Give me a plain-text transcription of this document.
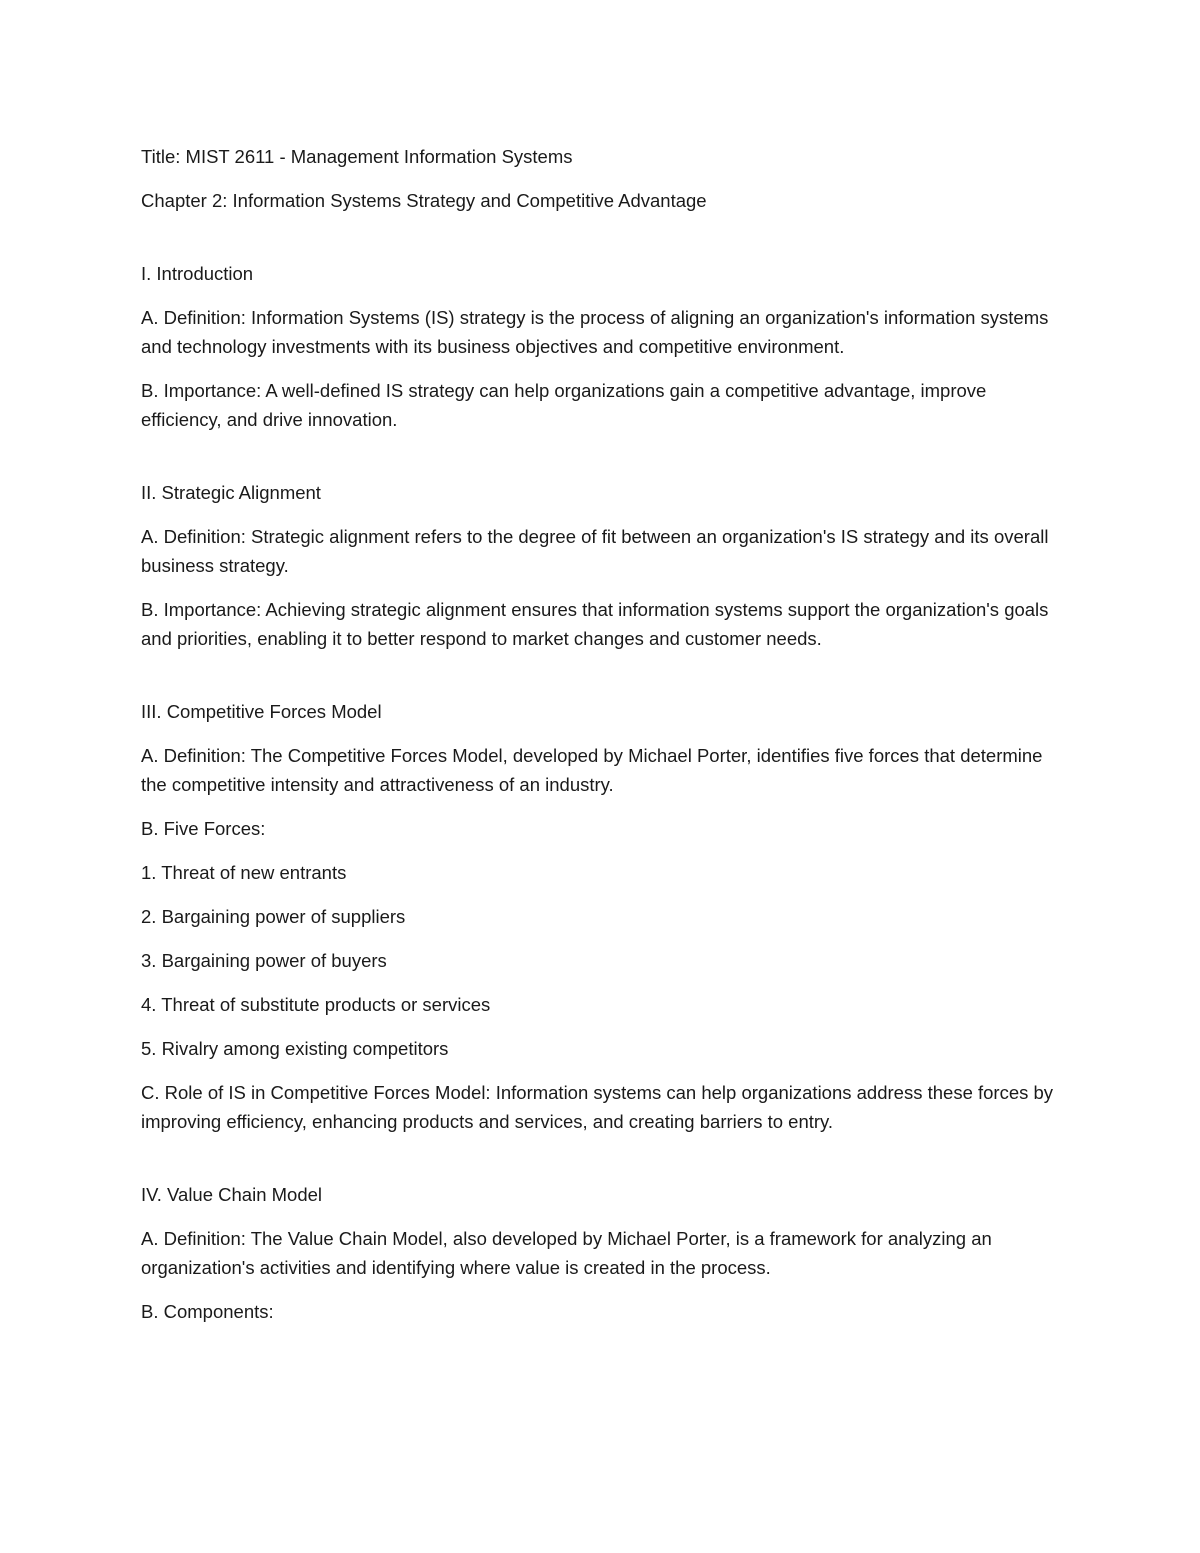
Title: MIST 2611 - Management Information Systems

Chapter 2: Information Systems Strategy and Competitive Advantage

I. Introduction

A. Definition: Information Systems (IS) strategy is the process of aligning an organization's information systems and technology investments with its business objectives and competitive environment.

B. Importance: A well-defined IS strategy can help organizations gain a competitive advantage, improve efficiency, and drive innovation.

II. Strategic Alignment

A. Definition: Strategic alignment refers to the degree of fit between an organization's IS strategy and its overall business strategy.

B. Importance: Achieving strategic alignment ensures that information systems support the organization's goals and priorities, enabling it to better respond to market changes and customer needs.

III. Competitive Forces Model

A. Definition: The Competitive Forces Model, developed by Michael Porter, identifies five forces that determine the competitive intensity and attractiveness of an industry.

B. Five Forces:

1. Threat of new entrants

2. Bargaining power of suppliers

3. Bargaining power of buyers

4. Threat of substitute products or services

5. Rivalry among existing competitors

C. Role of IS in Competitive Forces Model: Information systems can help organizations address these forces by improving efficiency, enhancing products and services, and creating barriers to entry.

IV. Value Chain Model

A. Definition: The Value Chain Model, also developed by Michael Porter, is a framework for analyzing an organization's activities and identifying where value is created in the process.

B. Components:
